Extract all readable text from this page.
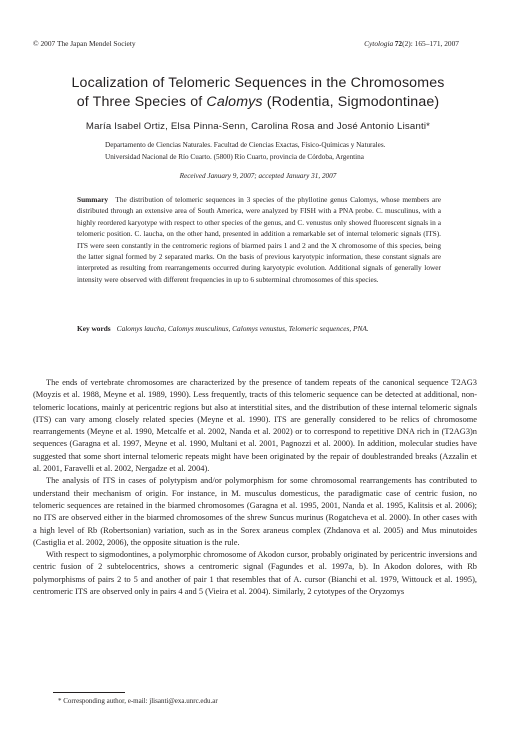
© 2007 The Japan Mendel Society	Cytologia 72(2): 165–171, 2007
Localization of Telomeric Sequences in the Chromosomes
of Three Species of Calomys (Rodentia, Sigmodontinae)
María Isabel Ortiz, Elsa Pinna-Senn, Carolina Rosa and José Antonio Lisanti*
Departamento de Ciencias Naturales. Facultad de Ciencias Exactas, Físico-Químicas y Naturales.
Universidad Nacional de Río Cuarto. (5800) Río Cuarto, provincia de Córdoba, Argentina
Received January 9, 2007; accepted January 31, 2007
Summary  The distribution of telomeric sequences in 3 species of the phyllotine genus Calomys, whose members are distributed through an extensive area of South America, were analyzed by FISH with a PNA probe. C. musculinus, with a highly reordered karyotype with respect to other species of the genus, and C. venustus only showed fluorescent signals in a telomeric position. C. laucha, on the other hand, presented in addition a remarkable set of internal telomeric signals (ITS). ITS were seen constantly in the centromeric regions of biarmed pairs 1 and 2 and the X chromosome of this species, being the latter signal formed by 2 separated marks. On the basis of previous karyotypic information, these constant signals are interpreted as resulting from rearrangements occurred during karyotypic evolution. Additional signals of generally lower intensity were observed with different frequencies in up to 6 subterminal chromosomes of this species.
Key words Calomys laucha, Calomys musculinus, Calomys venustus, Telomeric sequences, PNA.

The ends of vertebrate chromosomes are characterized by the presence of tandem repeats of the canonical sequence T2AG3 (Moyzis et al. 1988, Meyne et al. 1989, 1990). Less frequently, tracts of this telomeric sequence can be detected at additional, non-telomeric locations, mainly at pericentric regions but also at interstitial sites, and the distribution of these internal telomeric signals (ITS) can vary among closely related species (Meyne et al. 1990). ITS are generally considered to be relics of chromosome rearrangements (Meyne et al. 1990, Metcalfe et al. 2002, Nanda et al. 2002) or to correspond to repetitive DNA rich in (T2AG3)n sequences (Garagna et al. 1997, Meyne et al. 1990, Multani et al. 2001, Pagnozzi et al. 2000). In addition, molecular studies have suggested that some short internal telomeric repeats might have been originated by the repair of doublestranded breaks (Azzalin et al. 2001, Faravelli et al. 2002, Nergadze et al. 2004).

The analysis of ITS in cases of polytypism and/or polymorphism for some chromosomal rearrangements has contributed to understand their mechanism of origin. For instance, in M. musculus domesticus, the paradigmatic case of centric fusion, no telomeric sequences are retained in the biarmed chromosomes (Garagna et al. 1995, 2001, Nanda et al. 1995, Kalitsis et al. 2006); no ITS are observed either in the biarmed chromosomes of the shrew Suncus murinus (Rogatcheva et al. 2000). In other cases with a high level of Rb (Robertsonian) variation, such as in the Sorex araneus complex (Zhdanova et al. 2005) and Mus minutoides (Castiglia et al. 2002, 2006), the opposite situation is the rule.

With respect to sigmodontines, a polymorphic chromosome of Akodon cursor, probably originated by pericentric inversions and centric fusion of 2 subtelocentrics, shows a centromeric signal (Fagundes et al. 1997a, b). In Akodon dolores, with Rb polymorphisms of pairs 2 to 5 and another of pair 1 that resembles that of A. cursor (Bianchi et al. 1979, Wittouck et al. 1995), centromeric ITS are observed only in pairs 4 and 5 (Vieira et al. 2004). Similarly, 2 cytotypes of the Oryzomys

* Corresponding author, e-mail: jlisanti@exa.unrc.edu.ar
